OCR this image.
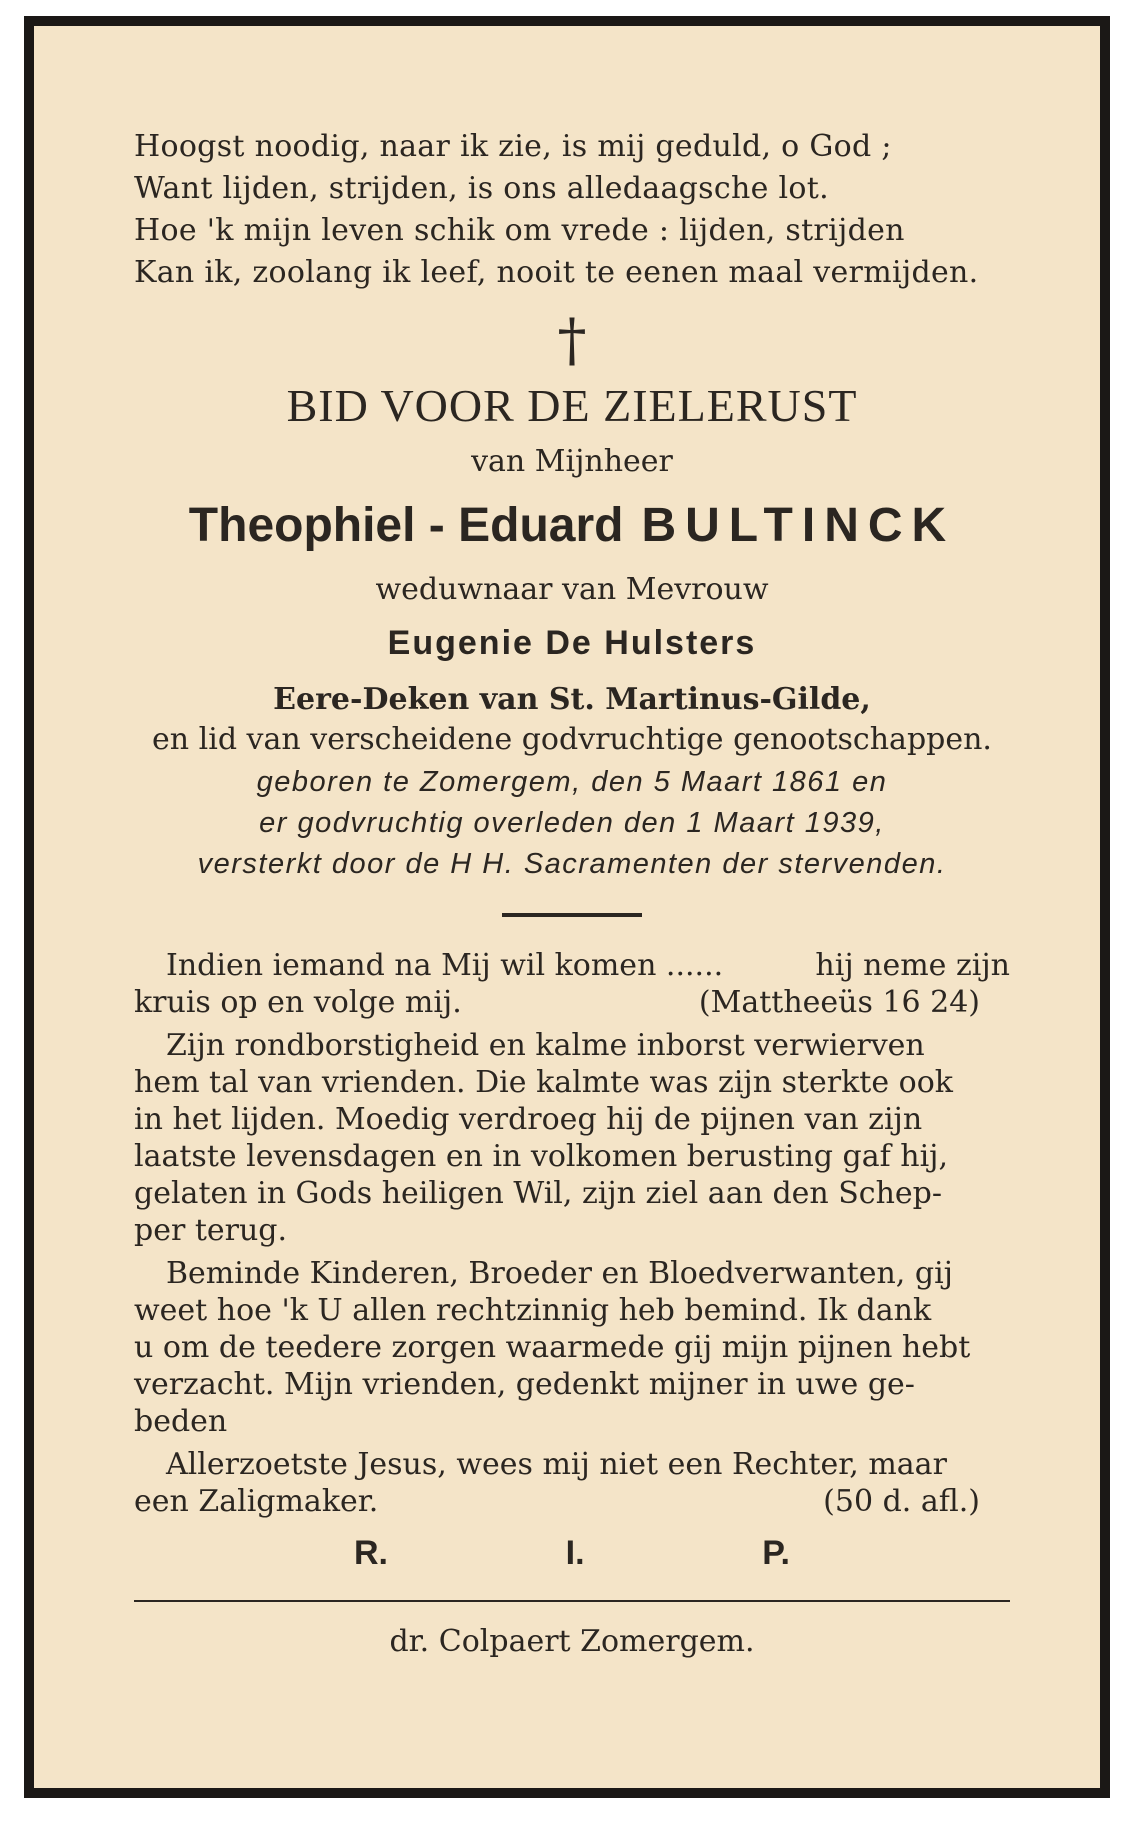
Hoogst noodig, naar ik zie, is mij geduld, o God ;
Want lijden, strijden, is ons alledaagsche lot.
Hoe 'k mijn leven schik om vrede : lijden, strijden
Kan ik, zoolang ik leef, nooit te eenen maal vermijden.
†
BID VOOR DE ZIELERUST
van Mijnheer
Theophiel - Eduard BULTINCK
weduwnaar van Mevrouw
Eugenie De Hulsters
Eere-Deken van St. Martinus-Gilde,
en lid van verscheidene godvruchtige genootschappen.
geboren te Zomergem, den 5 Maart 1861 en
er godvruchtig overleden den 1 Maart 1939,
versterkt door de H H. Sacramenten der stervenden.
Indien iemand na Mij wil komen ......	hij neme zijn
kruis op en volge mij.	(Mattheeüs 16 24)
Zijn rondborstigheid en kalme inborst verwierven
hem tal van vrienden. Die kalmte was zijn sterkte ook
in het lijden. Moedig verdroeg hij de pijnen van zijn
laatste levensdagen en in volkomen berusting gaf hij,
gelaten in Gods heiligen Wil, zijn ziel aan den Schep-
per terug.
Beminde Kinderen, Broeder en Bloedverwanten, gij
weet hoe 'k U allen rechtzinnig heb bemind. Ik dank
u om de teedere zorgen waarmede gij mijn pijnen hebt
verzacht. Mijn vrienden, gedenkt mijner in uwe ge-
beden
Allerzoetste Jesus, wees mij niet een Rechter, maar
een Zaligmaker.	(50 d. afl.)
R.	I.	P.
dr. Colpaert Zomergem.
